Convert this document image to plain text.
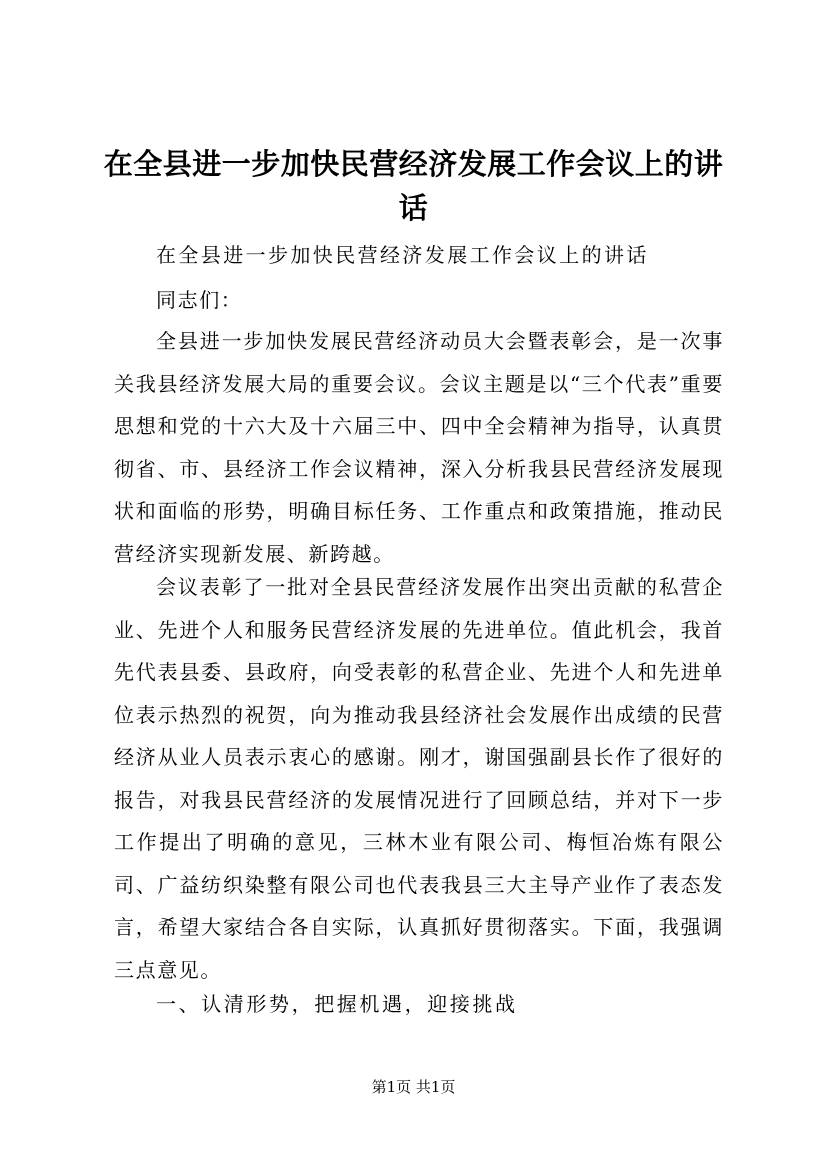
在全县进一步加快民营经济发展工作会议上的讲话

在全县进一步加快民营经济发展工作会议上的讲话

同志们：

全县进一步加快发展民营经济动员大会暨表彰会，是一次事关我县经济发展大局的重要会议。会议主题是以“三个代表”重要思想和党的十六大及十六届三中、四中全会精神为指导，认真贯彻省、市、县经济工作会议精神，深入分析我县民营经济发展现状和面临的形势，明确目标任务、工作重点和政策措施，推动民营经济实现新发展、新跨越。

会议表彰了一批对全县民营经济发展作出突出贡献的私营企业、先进个人和服务民营经济发展的先进单位。值此机会，我首先代表县委、县政府，向受表彰的私营企业、先进个人和先进单位表示热烈的祝贺，向为推动我县经济社会发展作出成绩的民营经济从业人员表示衷心的感谢。刚才，谢国强副县长作了很好的报告，对我县民营经济的发展情况进行了回顾总结，并对下一步工作提出了明确的意见，三林木业有限公司、梅恒冶炼有限公司、广益纺织染整有限公司也代表我县三大主导产业作了表态发言，希望大家结合各自实际，认真抓好贯彻落实。下面，我强调三点意见。

一、认清形势，把握机遇，迎接挑战

第1页 共1页
